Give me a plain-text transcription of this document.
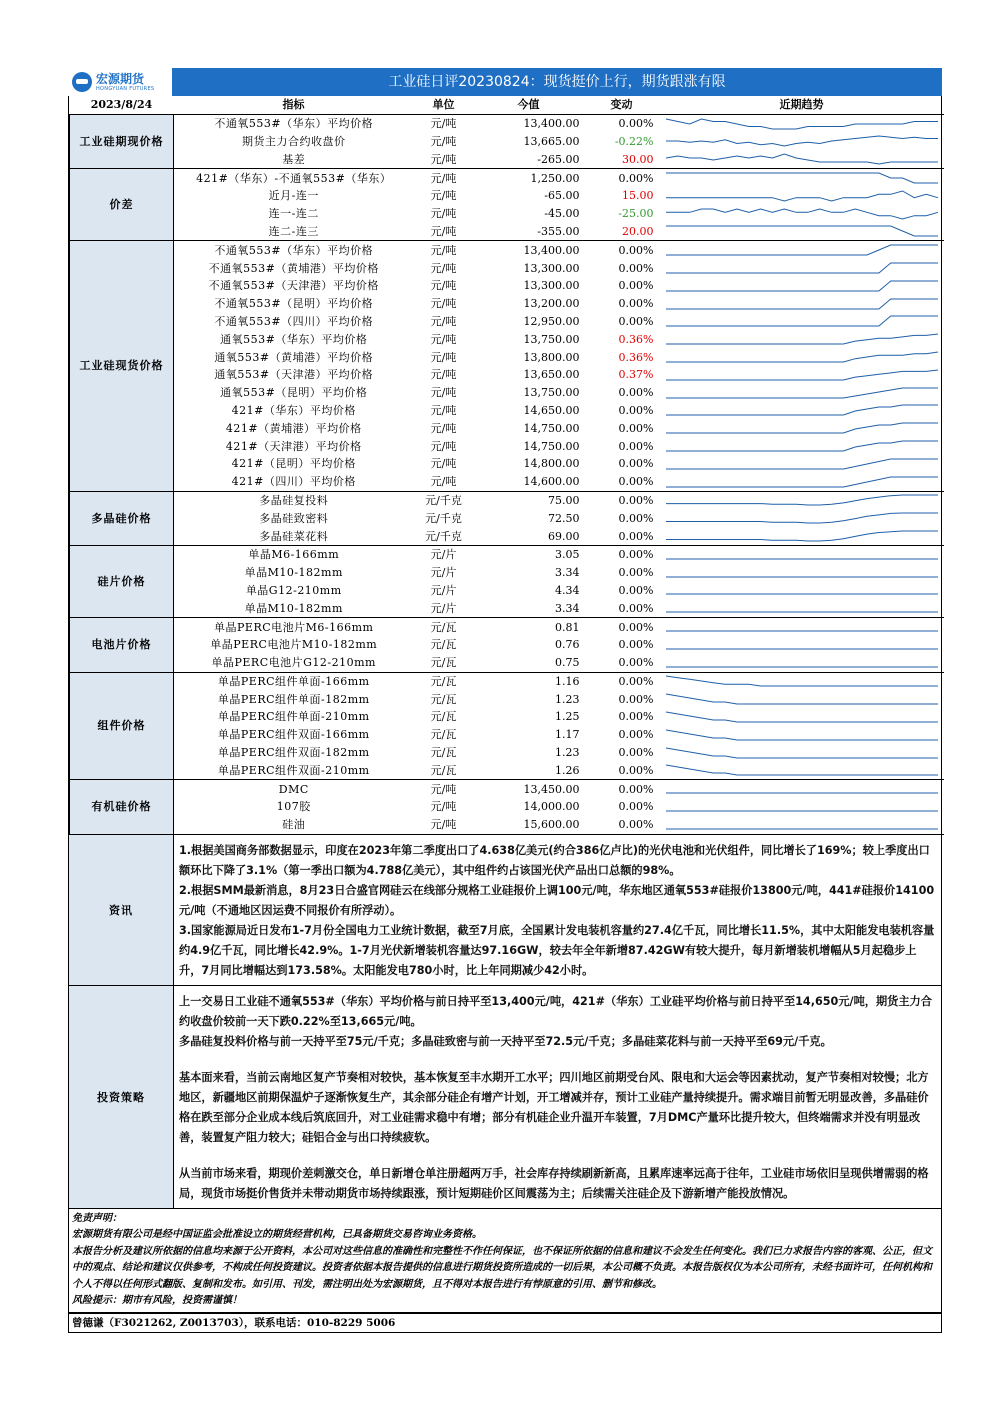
宏源期货
HONGYUAN FUTURES	工业硅日评20230824：现货挺价上行，期货跟涨有限
2023/8/24	指标	单位	今值	变动	近期趋势
工业硅期现价格	不通氧553#（华东）平均价格	元/吨	13,400.00	0.00%	

	期货主力合约收盘价	元/吨	13,665.00	-0.22%	

	基差	元/吨	-265.00	30.00	

价差	421#（华东）-不通氧553#（华东）	元/吨	1,250.00	0.00%	

	近月-连一	元/吨	-65.00	15.00	

	连一-连二	元/吨	-45.00	-25.00	

	连二-连三	元/吨	-355.00	20.00	

工业硅现货价格	不通氧553#（华东）平均价格	元/吨	13,400.00	0.00%	

	不通氧553#（黄埔港）平均价格	元/吨	13,300.00	0.00%	

	不通氧553#（天津港）平均价格	元/吨	13,300.00	0.00%	

	不通氧553#（昆明）平均价格	元/吨	13,200.00	0.00%	

	不通氧553#（四川）平均价格	元/吨	12,950.00	0.00%	

	通氧553#（华东）平均价格	元/吨	13,750.00	0.36%	

	通氧553#（黄埔港）平均价格	元/吨	13,800.00	0.36%	

	通氧553#（天津港）平均价格	元/吨	13,650.00	0.37%	

	通氧553#（昆明）平均价格	元/吨	13,750.00	0.00%	

	421#（华东）平均价格	元/吨	14,650.00	0.00%	

	421#（黄埔港）平均价格	元/吨	14,750.00	0.00%	

	421#（天津港）平均价格	元/吨	14,750.00	0.00%	

	421#（昆明）平均价格	元/吨	14,800.00	0.00%	

	421#（四川）平均价格	元/吨	14,600.00	0.00%	

多晶硅价格	多晶硅复投料	元/千克	75.00	0.00%	

	多晶硅致密料	元/千克	72.50	0.00%	

	多晶硅菜花料	元/千克	69.00	0.00%	

硅片价格	单晶M6-166mm	元/片	3.05	0.00%	

	单晶M10-182mm	元/片	3.34	0.00%	

	单晶G12-210mm	元/片	4.34	0.00%	

	单晶M10-182mm	元/片	3.34	0.00%	

电池片价格	单晶PERC电池片M6-166mm	元/瓦	0.81	0.00%	

	单晶PERC电池片M10-182mm	元/瓦	0.76	0.00%	

	单晶PERC电池片G12-210mm	元/瓦	0.75	0.00%	

组件价格	单晶PERC组件单面-166mm	元/瓦	1.16	0.00%	

	单晶PERC组件单面-182mm	元/瓦	1.23	0.00%	

	单晶PERC组件单面-210mm	元/瓦	1.25	0.00%	

	单晶PERC组件双面-166mm	元/瓦	1.17	0.00%	

	单晶PERC组件双面-182mm	元/瓦	1.23	0.00%	

	单晶PERC组件双面-210mm	元/瓦	1.26	0.00%	

有机硅价格	DMC	元/吨	13,450.00	0.00%	

	107胶	元/吨	14,000.00	0.00%	

	硅油	元/吨	15,600.00	0.00%	
资讯

1.根据美国商务部数据显示，印度在2023年第二季度出口了4.638亿美元(约合386亿卢比)的光伏电池和光伏组件，同比增长了169%；较上季度出口额环比下降了3.1%（第一季出口额为4.788亿美元），其中组件约占该国光伏产品出口总额的98%。

2.根据SMM最新消息，8月23日合盛官网硅云在线部分规格工业硅报价上调100元/吨，华东地区通氧553#硅报价13800元/吨，441#硅报价14100元/吨（不通地区因运费不同报价有所浮动）。

3.国家能源局近日发布1-7月份全国电力工业统计数据，截至7月底，全国累计发电装机容量约27.4亿千瓦，同比增长11.5%，其中太阳能发电装机容量约4.9亿千瓦，同比增长42.9%。1-7月光伏新增装机容量达97.16GW，较去年全年新增87.42GW有较大提升，每月新增装机增幅从5月起稳步上升，7月同比增幅达到173.58%。太阳能发电780小时，比上年同期减少42小时。

投资策略

上一交易日工业硅不通氧553#（华东）平均价格与前日持平至13,400元/吨，421#（华东）工业硅平均价格与前日持平至14,650元/吨，期货主力合约收盘价较前一天下跌0.22%至13,665元/吨。

多晶硅复投料价格与前一天持平至75元/千克；多晶硅致密与前一天持平至72.5元/千克；多晶硅菜花料与前一天持平至69元/千克。

基本面来看，当前云南地区复产节奏相对较快，基本恢复至丰水期开工水平；四川地区前期受台风、限电和大运会等因素扰动，复产节奏相对较慢；北方地区，新疆地区前期保温炉子逐渐恢复生产，其余部分硅企有增产计划，开工增减并存，预计工业硅产量持续提升。需求端目前暂无明显改善，多晶硅价格在跌至部分企业成本线后筑底回升，对工业硅需求稳中有增；部分有机硅企业升温开车装置，7月DMC产量环比提升较大，但终端需求并没有明显改善，装置复产阻力较大；硅铝合金与出口持续疲软。

从当前市场来看，期现价差刺激交仓，单日新增仓单注册超两万手，社会库存持续刷新新高，且累库速率远高于往年，工业硅市场依旧呈现供增需弱的格局，现货市场挺价售货并未带动期货市场持续跟涨，预计短期硅价区间震荡为主；后续需关注硅企及下游新增产能投放情况。

免责声明：
宏源期货有限公司是经中国证监会批准设立的期货经营机构，已具备期货交易咨询业务资格。
本报告分析及建议所依据的信息均来源于公开资料，本公司对这些信息的准确性和完整性不作任何保证，也不保证所依据的信息和建议不会发生任何变化。我们已力求报告内容的客观、公正，但文中的观点、结论和建议仅供参考，不构成任何投资建议。投资者依据本报告提供的信息进行期货投资所造成的一切后果，本公司概不负责。本报告版权仅为本公司所有，未经书面许可，任何机构和个人不得以任何形式翻版、复制和发布。如引用、刊发，需注明出处为宏源期货，且不得对本报告进行有悖原意的引用、删节和修改。
风险提示：期市有风险，投资需谨慎！
曾德谦（F3021262, Z0013703），联系电话：010-8229 5006
